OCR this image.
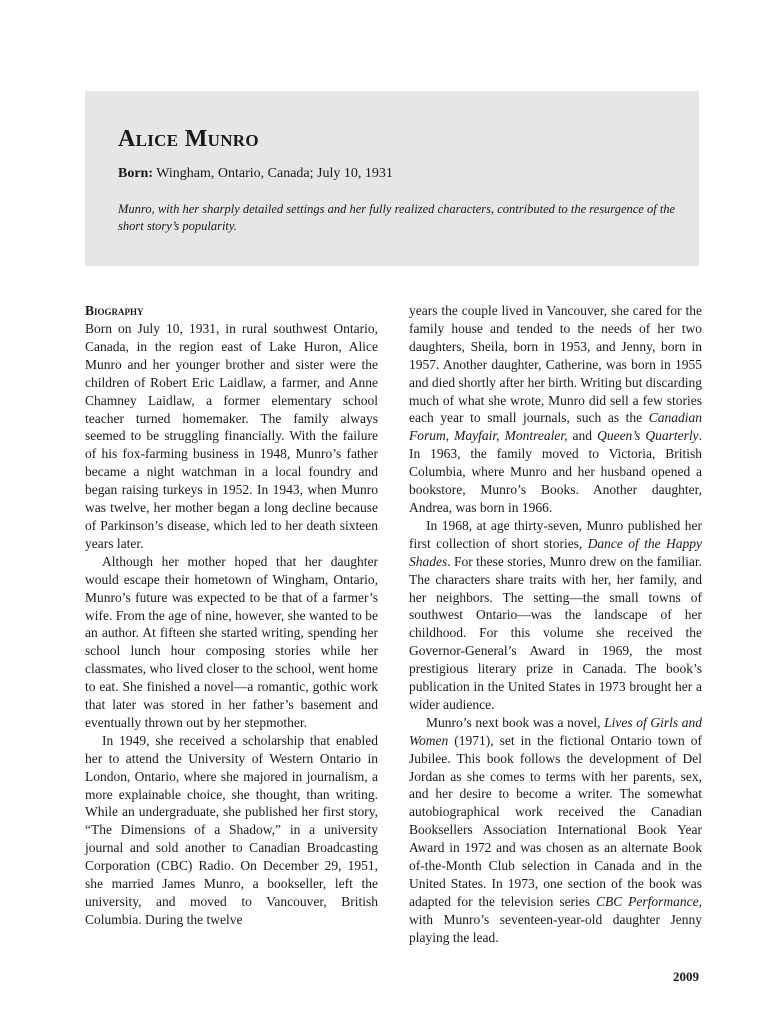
Alice Munro

Born: Wingham, Ontario, Canada; July 10, 1931

Munro, with her sharply detailed settings and her fully realized characters, contributed to the resurgence of the short story’s popularity.

Biography

Born on July 10, 1931, in rural southwest Ontario, Canada, in the region east of Lake Huron, Alice Munro and her younger brother and sister were the children of Robert Eric Laidlaw, a farmer, and Anne Chamney Laidlaw, a former elementary school teacher turned homemaker. The family always seemed to be struggling financially. With the failure of his fox-farming business in 1948, Munro’s father became a night watchman in a local foundry and began raising turkeys in 1952. In 1943, when Munro was twelve, her mother began a long decline because of Parkinson’s disease, which led to her death sixteen years later.

Although her mother hoped that her daughter would escape their hometown of Wingham, Ontario, Munro’s future was expected to be that of a farmer’s wife. From the age of nine, however, she wanted to be an author. At fifteen she started writing, spending her school lunch hour composing stories while her classmates, who lived closer to the school, went home to eat. She finished a novel—a romantic, gothic work that later was stored in her father’s basement and eventually thrown out by her stepmother.

In 1949, she received a scholarship that enabled her to attend the University of Western Ontario in London, Ontario, where she majored in journalism, a more explainable choice, she thought, than writing. While an undergraduate, she published her first story, “The Dimensions of a Shadow,” in a university journal and sold another to Canadian Broadcasting Corporation (CBC) Radio. On December 29, 1951, she married James Munro, a bookseller, left the university, and moved to Vancouver, British Columbia. During the twelve

years the couple lived in Vancouver, she cared for the family house and tended to the needs of her two daughters, Sheila, born in 1953, and Jenny, born in 1957. Another daughter, Catherine, was born in 1955 and died shortly after her birth. Writing but discarding much of what she wrote, Munro did sell a few stories each year to small journals, such as the Canadian Forum, Mayfair, Montrealer, and Queen’s Quarterly. In 1963, the family moved to Victoria, British Columbia, where Munro and her husband opened a bookstore, Munro’s Books. Another daughter, Andrea, was born in 1966.

In 1968, at age thirty-seven, Munro published her first collection of short stories, Dance of the Happy Shades. For these stories, Munro drew on the familiar. The characters share traits with her, her family, and her neighbors. The setting—the small towns of southwest Ontario—was the landscape of her childhood. For this volume she received the Governor-General’s Award in 1969, the most prestigious literary prize in Canada. The book’s publication in the United States in 1973 brought her a wider audience.

Munro’s next book was a novel, Lives of Girls and Women (1971), set in the fictional Ontario town of Jubilee. This book follows the development of Del Jordan as she comes to terms with her parents, sex, and her desire to become a writer. The somewhat autobiographical work received the Canadian Booksellers Association International Book Year Award in 1972 and was chosen as an alternate Book of-the-Month Club selection in Canada and in the United States. In 1973, one section of the book was adapted for the television series CBC Performance, with Munro’s seventeen-year-old daughter Jenny playing the lead.

2009
